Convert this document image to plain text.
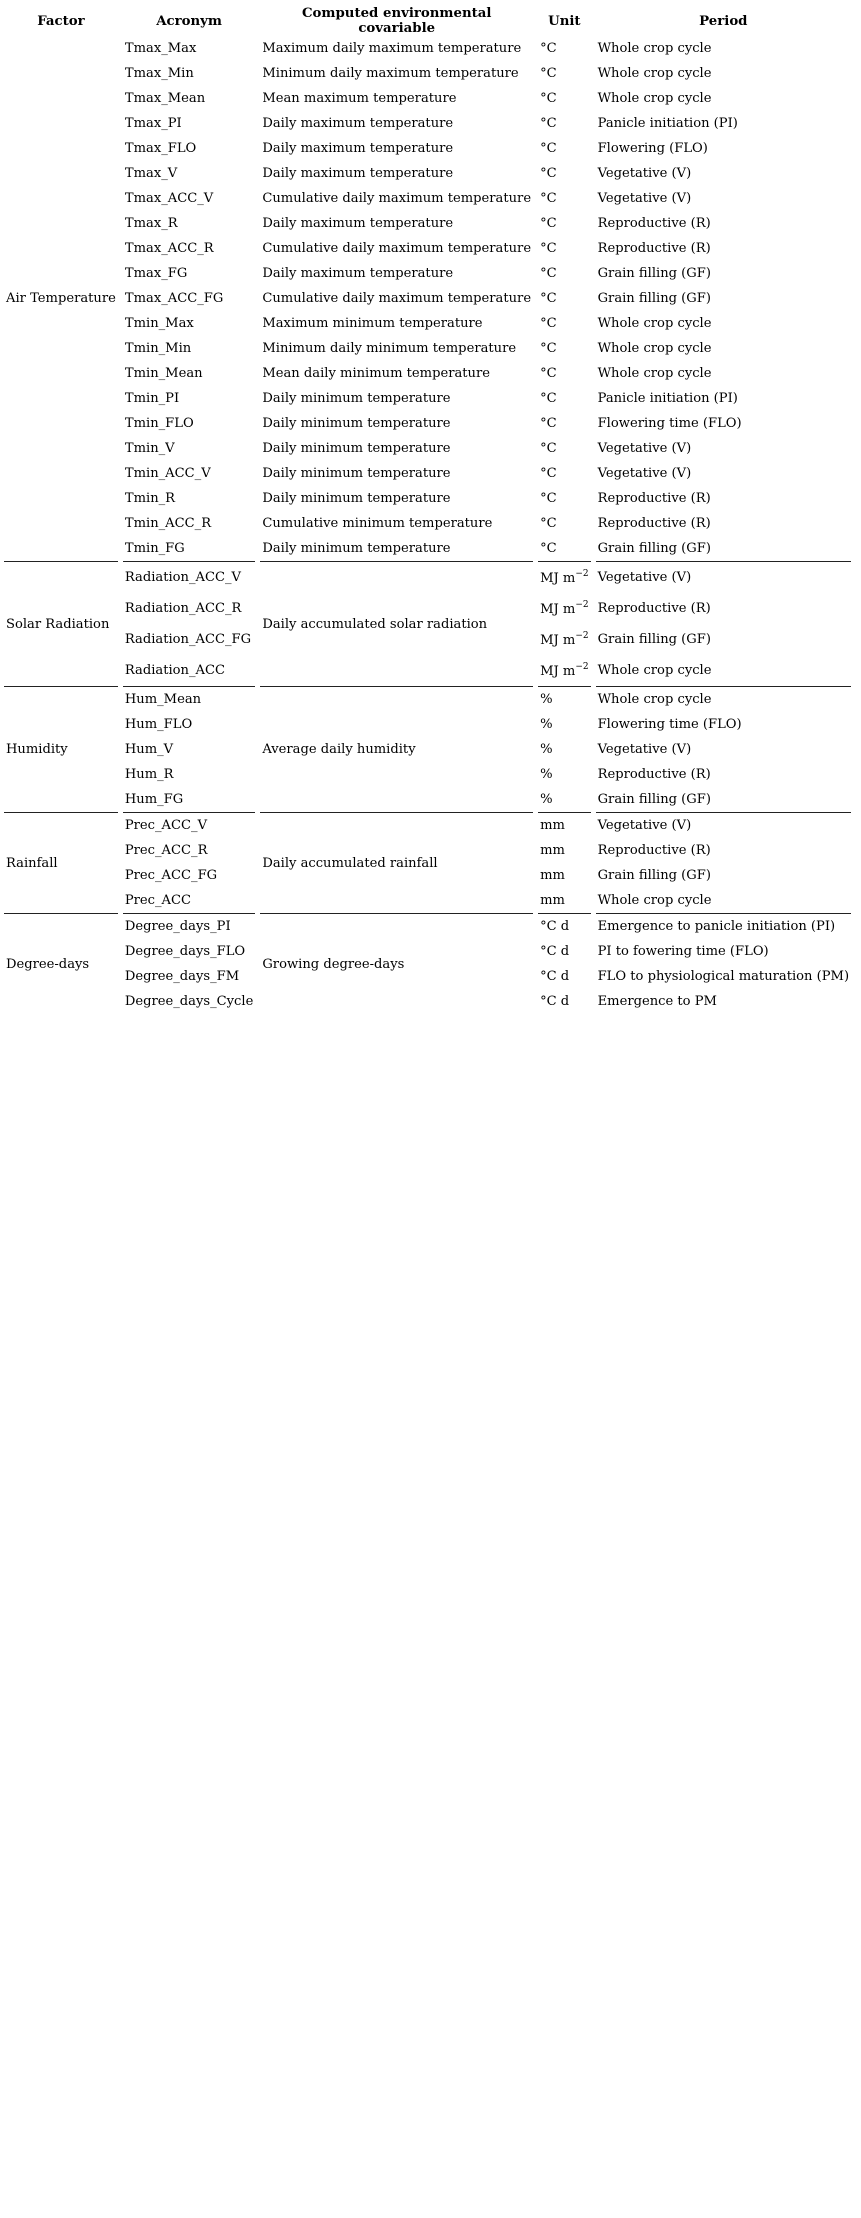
Factor	Acronym	Computed environmental covariable	Unit	Period
Air Temperature	Tmax_Max	Maximum daily maximum temperature	°C	Whole crop cycle
	Tmax_Min	Minimum daily maximum temperature	°C	Whole crop cycle
	Tmax_Mean	Mean maximum temperature	°C	Whole crop cycle
	Tmax_PI	Daily maximum temperature	°C	Panicle initiation (PI)
	Tmax_FLO	Daily maximum temperature	°C	Flowering (FLO)
	Tmax_V	Daily maximum temperature	°C	Vegetative (V)
	Tmax_ACC_V	Cumulative daily maximum temperature	°C	Vegetative (V)
	Tmax_R	Daily maximum temperature	°C	Reproductive (R)
	Tmax_ACC_R	Cumulative daily maximum temperature	°C	Reproductive (R)
	Tmax_FG	Daily maximum temperature	°C	Grain filling (GF)
	Tmax_ACC_FG	Cumulative daily maximum temperature	°C	Grain filling (GF)
	Tmin_Max	Maximum minimum temperature	°C	Whole crop cycle
	Tmin_Min	Minimum daily minimum temperature	°C	Whole crop cycle
	Tmin_Mean	Mean daily minimum temperature	°C	Whole crop cycle
	Tmin_PI	Daily minimum temperature	°C	Panicle initiation (PI)
	Tmin_FLO	Daily minimum temperature	°C	Flowering time (FLO)
	Tmin_V	Daily minimum temperature	°C	Vegetative (V)
	Tmin_ACC_V	Daily minimum temperature	°C	Vegetative (V)
	Tmin_R	Daily minimum temperature	°C	Reproductive (R)
	Tmin_ACC_R	Cumulative minimum temperature	°C	Reproductive (R)
	Tmin_FG	Daily minimum temperature	°C	Grain filling (GF)
Solar Radiation	Radiation_ACC_V	Daily accumulated solar radiation	MJ $m^{-2}$	Vegetative (V)
	Radiation_ACC_R		MJ $m^{-2}$	Reproductive (R)
	Radiation_ACC_FG		MJ $m^{-2}$	Grain filling (GF)
	Radiation_ACC		MJ $m^{-2}$	Whole crop cycle
Humidity	Hum_Mean	Average daily humidity	%	Whole crop cycle
	Hum_FLO		%	Flowering time (FLO)
	Hum_V		%	Vegetative (V)
	Hum_R		%	Reproductive (R)
	Hum_FG		%	Grain filling (GF)
Rainfall	Prec_ACC_V	Daily accumulated rainfall	mm	Vegetative (V)
	Prec_ACC_R		mm	Reproductive (R)
	Prec_ACC_FG		mm	Grain filling (GF)
	Prec_ACC		mm	Whole crop cycle
Degree-days	Degree_days_PI	Growing degree-days	°C d	Emergence to panicle initiation (PI)
	Degree_days_FLO		°C d	PI to fowering time (FLO)
	Degree_days_FM		°C d	FLO to physiological maturation (PM)
	Degree_days_Cycle		°C d	Emergence to PM
